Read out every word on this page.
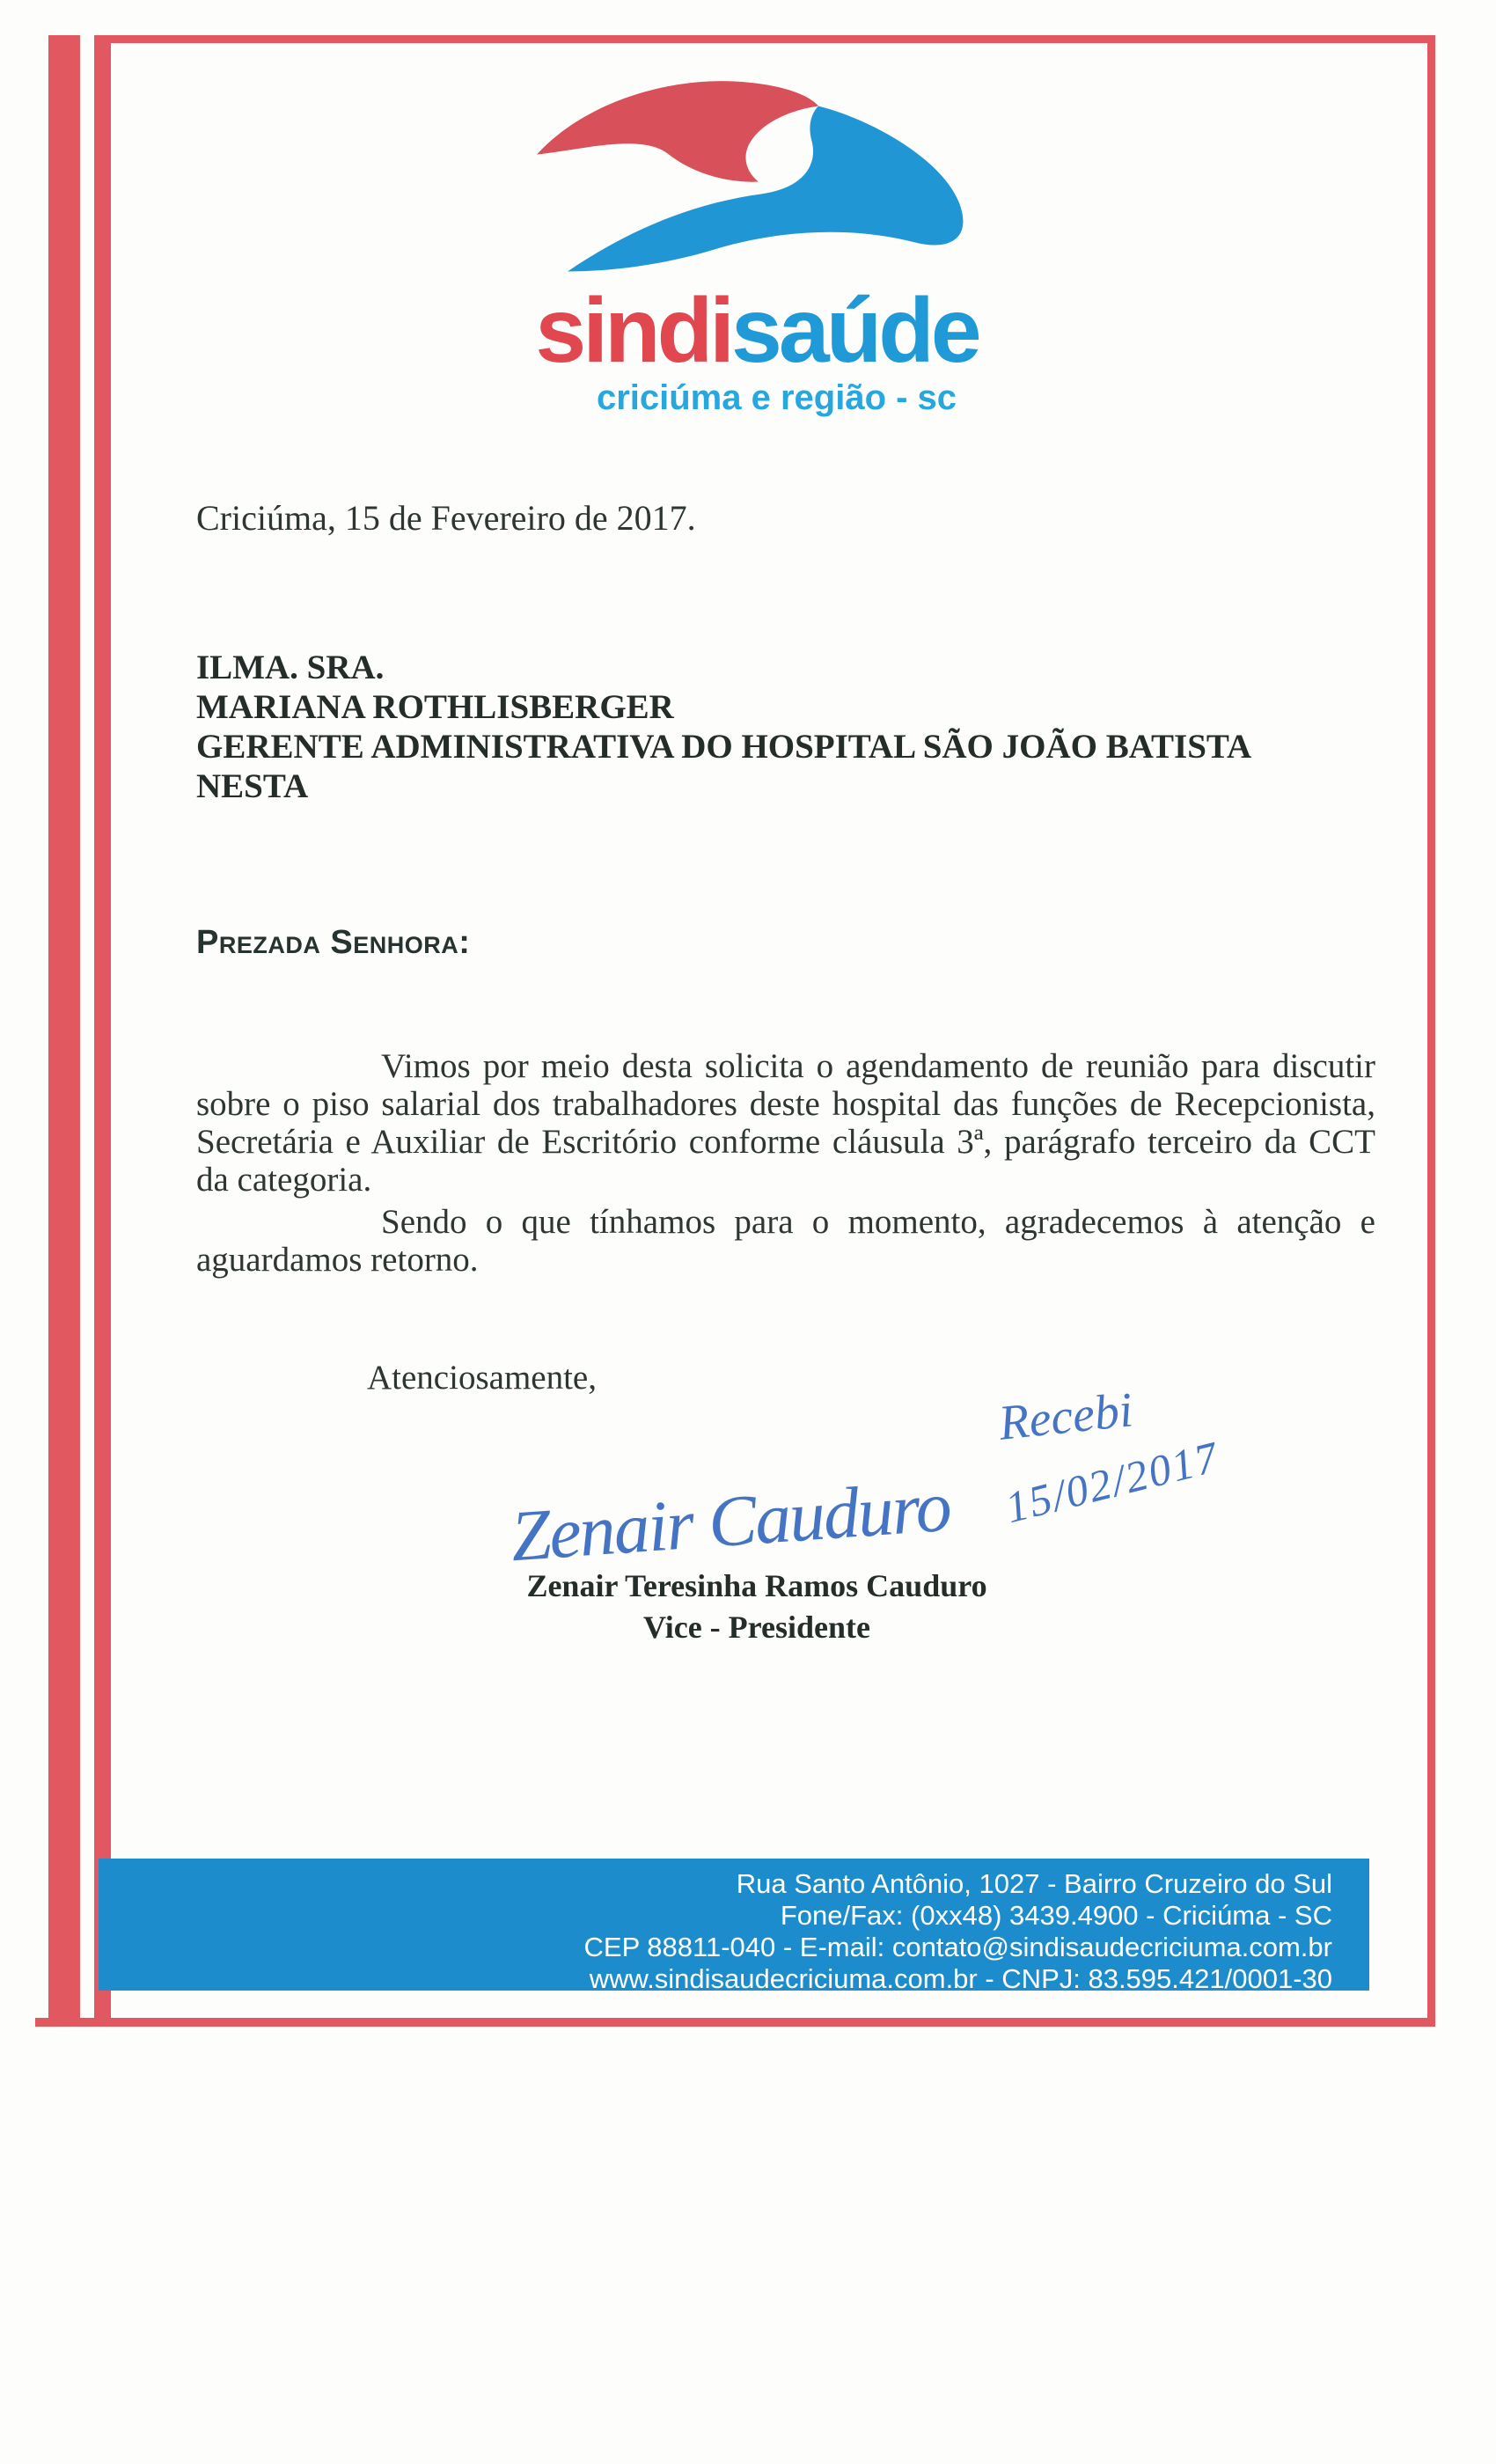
sindisaúde
criciúma e região - sc
Criciúma, 15 de Fevereiro de 2017.

ILMA. SRA.

MARIANA ROTHLISBERGER

GERENTE ADMINISTRATIVA DO HOSPITAL SÃO JOÃO BATISTA

NESTA

Prezada Senhora:

Vimos por meio desta solicita o agendamento de reunião para discutir sobre o piso salarial dos trabalhadores deste hospital das funções de Recepcionista, Secretária e Auxiliar de Escritório conforme cláusula 3ª, parágrafo terceiro da CCT da categoria.

Sendo o que tínhamos para o momento, agradecemos à atenção e aguardamos retorno.

Atenciosamente,
Recebi
15/02/2017
Zenair Cauduro

Zenair Teresinha Ramos Cauduro

Vice - Presidente

Rua Santo Antônio, 1027 - Bairro Cruzeiro do Sul

Fone/Fax: (0xx48) 3439.4900 - Criciúma - SC

CEP 88811-040 - E-mail: contato@sindisaudecriciuma.com.br

www.sindisaudecriciuma.com.br - CNPJ: 83.595.421/0001-30
